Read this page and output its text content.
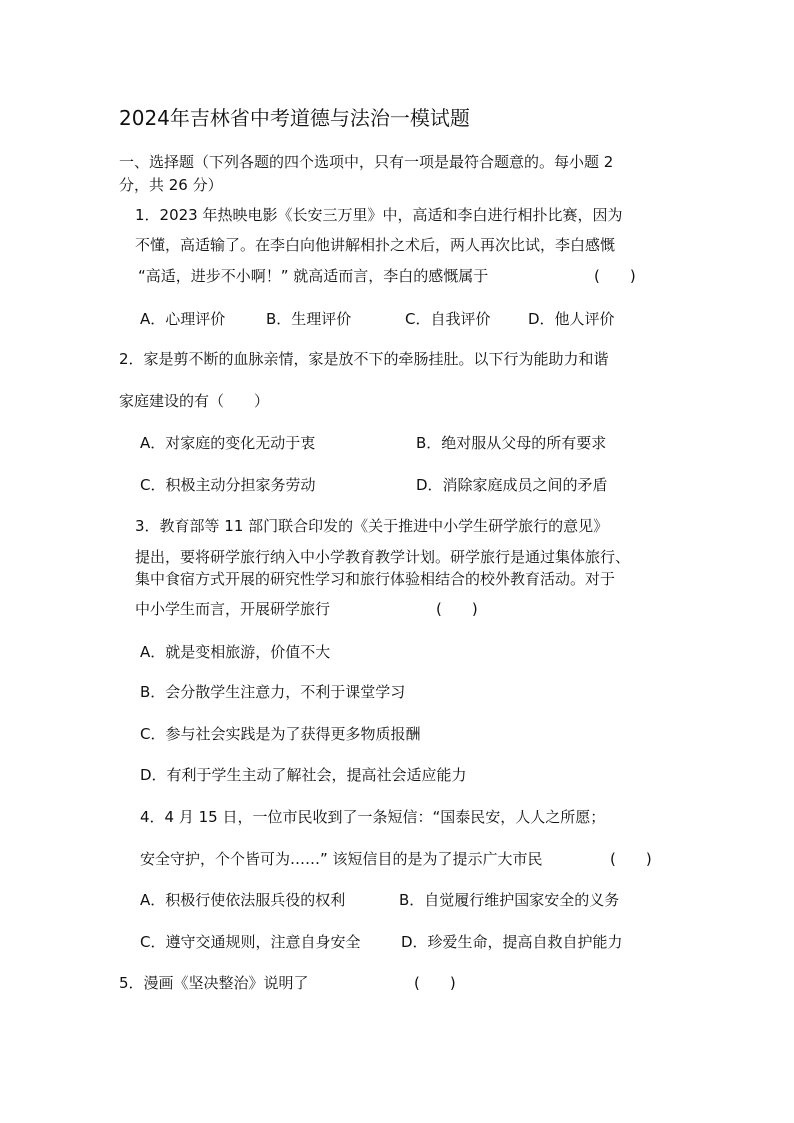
2024年吉林省中考道德与法治一模试题
一、选择题（下列各题的四个选项中，只有一项是最符合题意的。每小题 2
分，共 26 分）
1．2023 年热映电影《长安三万里》中，高适和李白进行相扑比赛，因为
不懂，高适输了。在李白向他讲解相扑之术后，两人再次比试，李白感慨
“高适，进步不小啊！” 就高适而言，李白的感慨属于	(　　)
A．心理评价	B．生理评价	C．自我评价	D．他人评价
2．家是剪不断的血脉亲情，家是放不下的牵肠挂肚。以下行为能助力和谐
家庭建设的有（　　）
A．对家庭的变化无动于衷	B．绝对服从父母的所有要求
C．积极主动分担家务劳动	D．消除家庭成员之间的矛盾
3．教育部等 11 部门联合印发的《关于推进中小学生研学旅行的意见》
提出，要将研学旅行纳入中小学教育教学计划。研学旅行是通过集体旅行、
集中食宿方式开展的研究性学习和旅行体验相结合的校外教育活动。对于
中小学生而言，开展研学旅行	(　　)
A．就是变相旅游，价值不大
B．会分散学生注意力，不利于课堂学习
C．参与社会实践是为了获得更多物质报酬
D．有利于学生主动了解社会，提高社会适应能力
4．4 月 15 日，一位市民收到了一条短信：“国泰民安，人人之所愿；
安全守护，个个皆可为……” 该短信目的是为了提示广大市民	(　　)
A．积极行使依法服兵役的权利	B．自觉履行维护国家安全的义务
C．遵守交通规则，注意自身安全	D．珍爱生命，提高自救自护能力
5．漫画《坚决整治》说明了	(　　)
